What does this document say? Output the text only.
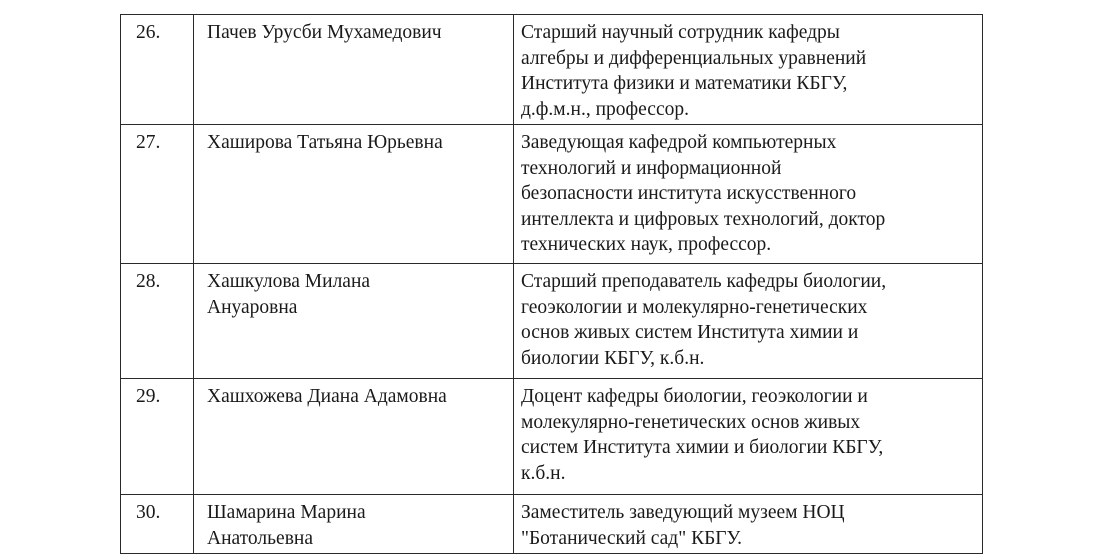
26.	Пачев Урусби Мухамедович	Старший научный сотрудник кафедры
алгебры и дифференциальных уравнений
Института физики и математики КБГУ,
д.ф.м.н., профессор.

27.	Хаширова Татьяна Юрьевна	Заведующая кафедрой компьютерных
технологий и информационной
безопасности института искусственного
интеллекта и цифровых технологий, доктор
технических наук, профессор.

28.	Хашкулова Милана
Ануаровна	Старший преподаватель кафедры биологии,
геоэкологии и молекулярно-генетических
основ живых систем Института химии и
биологии КБГУ, к.б.н.

29.	Хашхожева Диана Адамовна	Доцент кафедры биологии, геоэкологии и
молекулярно-генетических основ живых
систем Института химии и биологии КБГУ,
к.б.н.

30.	Шамарина Марина
Анатольевна	Заместитель заведующий музеем НОЦ
"Ботанический сад" КБГУ.
